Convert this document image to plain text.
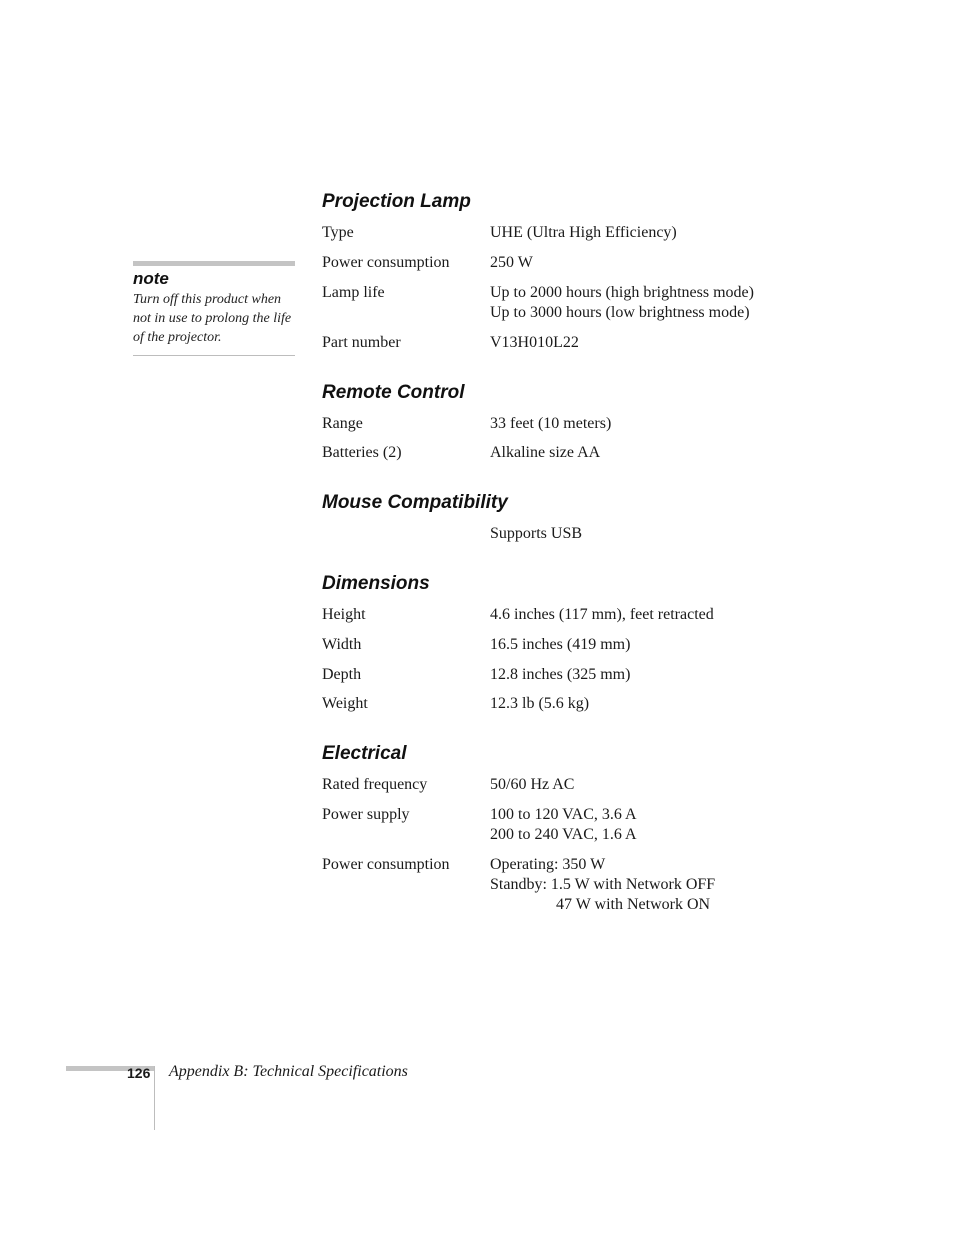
note
Turn off this product when
not in use to prolong the life
of the projector.
Projection Lamp
Type	UHE (Ultra High Efficiency)
Power consumption	250 W
Lamp life	Up to 2000 hours (high brightness mode)
Up to 3000 hours (low brightness mode)
Part number	V13H010L22
Remote Control
Range	33 feet (10 meters)
Batteries (2)	Alkaline size AA
Mouse Compatibility
Supports USB
Dimensions
Height	4.6 inches (117 mm), feet retracted
Width	16.5 inches (419 mm)
Depth	12.8 inches (325 mm)
Weight	12.3 lb (5.6 kg)
Electrical
Rated frequency	50/60 Hz AC
Power supply	100 to 120 VAC, 3.6 A
200 to 240 VAC, 1.6 A
Power consumption	Operating: 350 W
Standby: 1.5 W with Network OFF
47 W with Network ON
126 Appendix B: Technical Specifications
